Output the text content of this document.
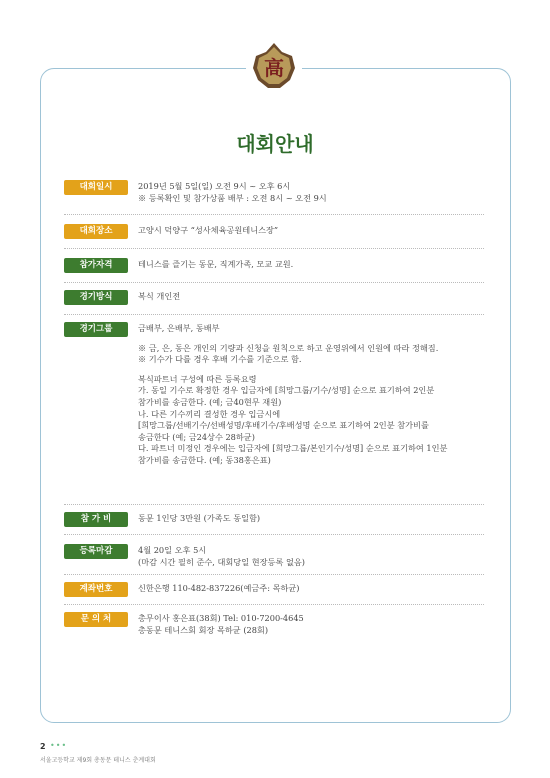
高
대회안내
대회일시	2019년 5월 5일(일) 오전 9시 ~ 오후 6시
※ 등록확인 및 참가상품 배부 : 오전 8시 ~ 오전 9시
대회장소	고양시 덕양구 “성사체육공원테니스장”
참가자격	테니스를 즐기는 동문, 직계가족, 모교 교원.
경기방식	복식 개인전
경기그룹	금배부, 은배부, 동배부
※ 금, 은, 동은 개인의 기량과 신청을 원칙으로 하고 운영위에서 인원에 따라 정해짐.
※ 기수가 다를 경우 후배 기수를 기준으로 함.
복식파트너 구성에 따른 등록요령
가. 동일 기수로 확정한 경우 입금자에 [희망그룹/기수/성명] 순으로 표기하여 2인분
참가비를 송금한다. (예; 금40현무 재원)
나. 다른 기수끼리 결성한 경우 입금시에
[희망그룹/선배기수/선배성명/후배기수/후배성명 순으로 표기하여 2인분 참가비를
송금한다 (예; 금24상수 28하균)
다. 파트너 미정인 경우에는 입금자에 [희망그룹/본인기수/성명] 순으로 표기하여 1인분
참가비를 송금한다. (예; 동38홍은표)
참 가 비	동문 1인당 3만원 (가족도 동일함)
등록마감	4월 20일 오후 5시
(마감 시간 필히 준수, 대회당일 현장등록 없음)
계좌번호	신한은행 110-482-837226(예금주: 목하균)
문 의 처	총무이사 홍은표(38회) Tel: 010-7200-4645
총동문 테니스회 회장 목하균 (28회)
2 •••
서울고등학교 제9회 총동문 테니스 춘계대회
